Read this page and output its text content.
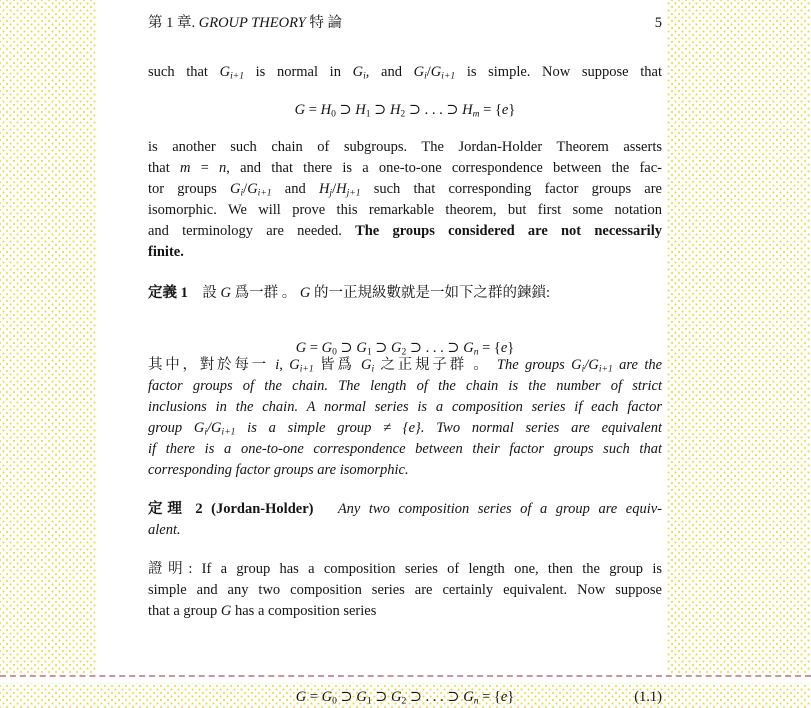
第 1 章. GROUP THEORY 特 論	5
such that $G_{i+1}$ is normal in $G_i$, and $G_i/G_{i+1}$ is simple. Now suppose that
$G = H_0$ ⊃ $H_1$ ⊃ $H_2$ ⊃ . . . ⊃ $H_m = \{e\}$
is another such chain of subgroups. The Jordan-Holder Theorem asserts
that m = n, and that there is a one-to-one correspondence between the fac-
tor groups $G_i/G_{i+1}$ and $H_j/H_{j+1}$ such that corresponding factor groups are
isomorphic. We will prove this remarkable theorem, but first some notation
and terminology are needed. The groups considered are not necessarily
finite.
定義 1　設 G 爲一群 。 G 的一正規級數就是一如下之群的鍊鎖:
$G = G_0$ ⊃ $G_1$ ⊃ $G_2$ ⊃ . . . ⊃ $G_n = \{e\}$
其中，對於每一 i, $G_{i+1}$ 皆爲 $G_i$ 之正規子群 。 The groups $G_i/G_{i+1}$ are the
factor groups of the chain. The length of the chain is the number of strict
inclusions in the chain. A normal series is a composition series if each factor
group $G_i/G_{i+1}$ is a simple group ≠ {e}. Two normal series are equivalent
if there is a one-to-one correspondence between their factor groups such that
corresponding factor groups are isomorphic.
定理 2 (Jordan-Holder)　 Any two composition series of a group are equiv-
alent.
證明: If a group has a composition series of length one, then the group is
simple and any two composition series are certainly equivalent. Now suppose
that a group G has a composition series
$G = G_0$ ⊃ $G_1$ ⊃ $G_2$ ⊃ . . . ⊃ $G_n = \{e\}$	(1.1)
